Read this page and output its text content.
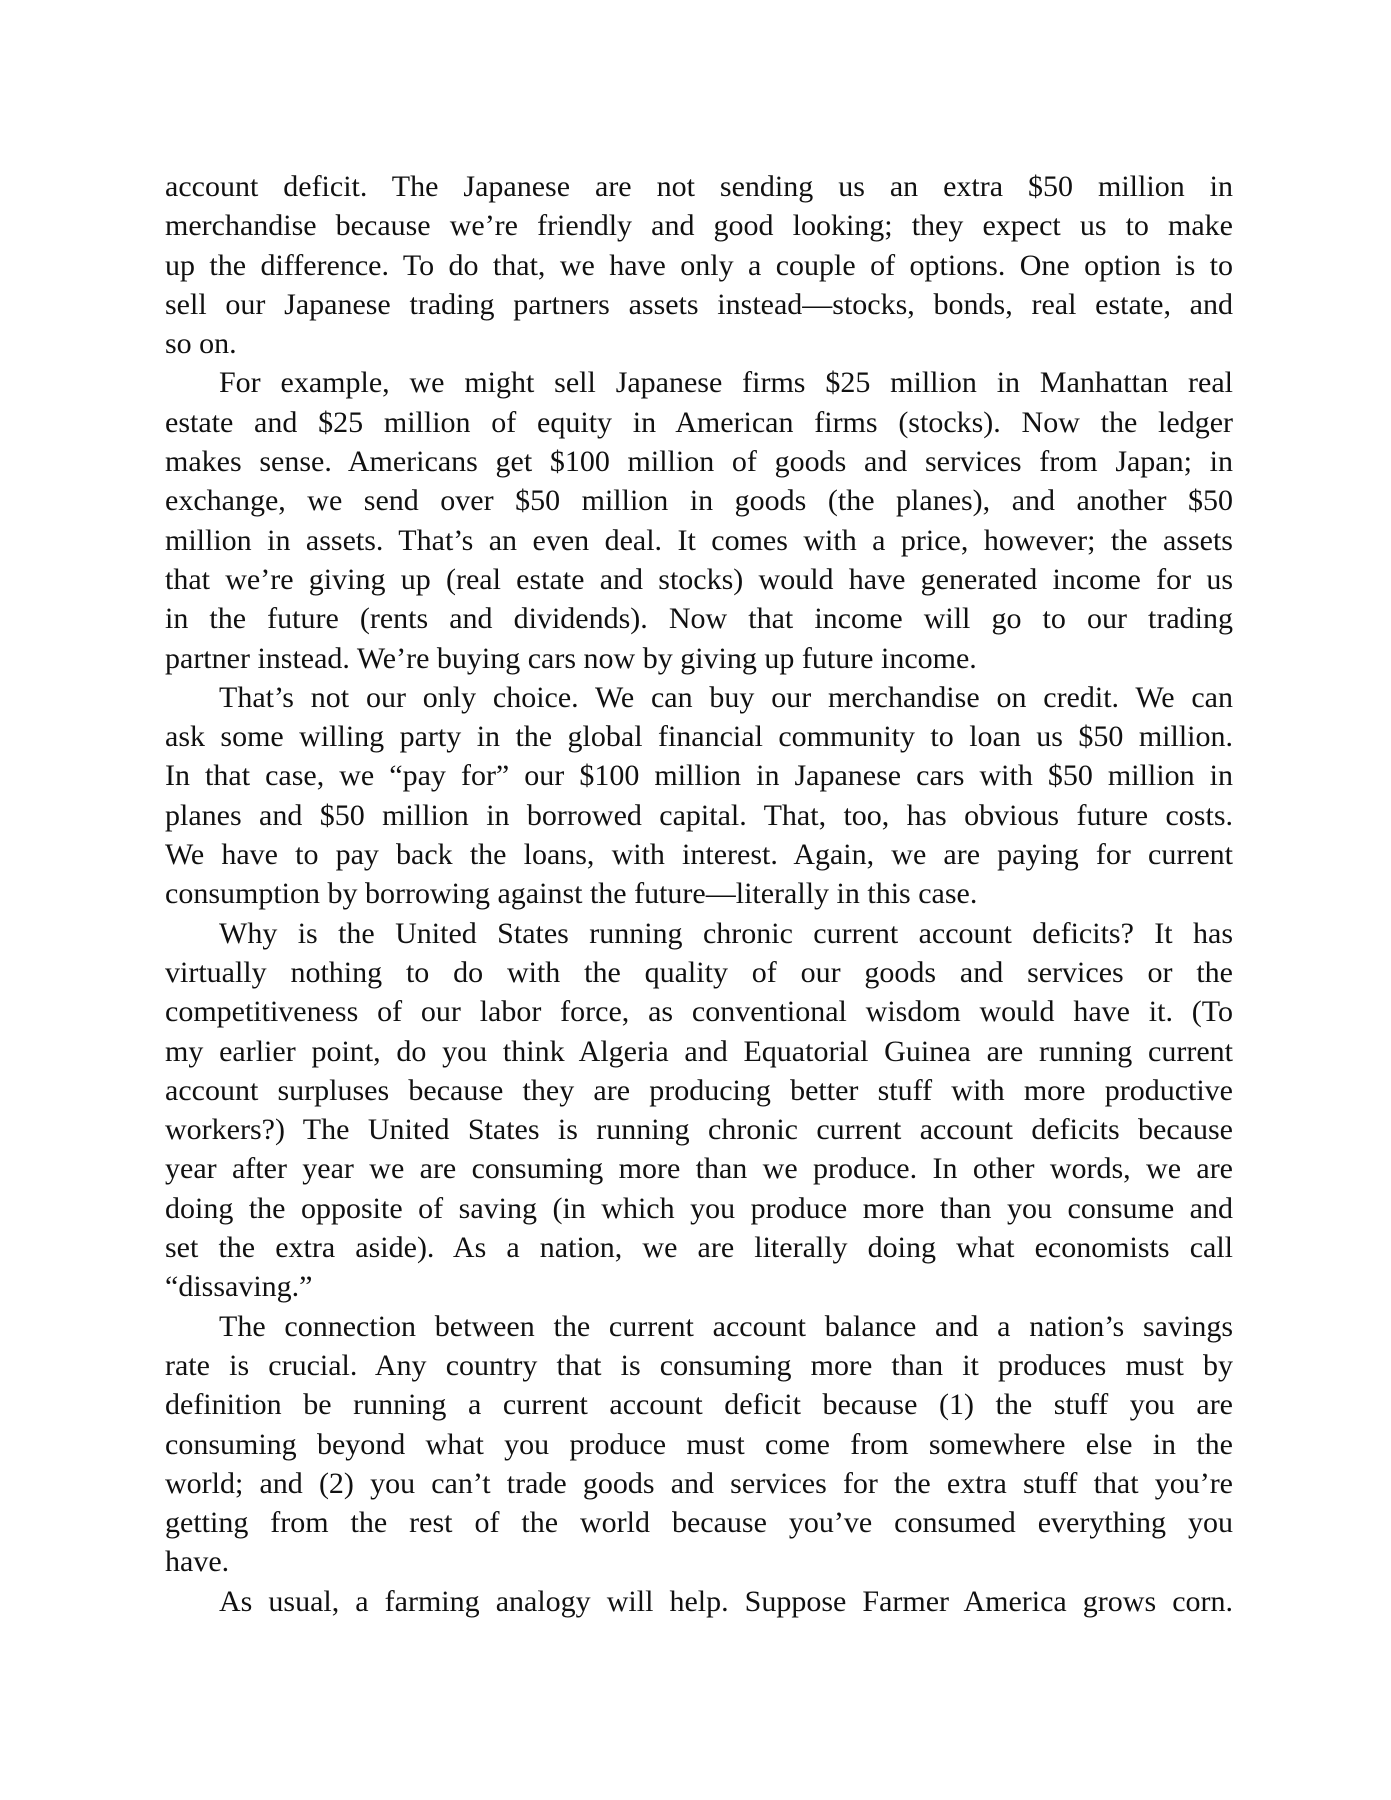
account deficit. The Japanese are not sending us an extra $50 million in
merchandise because we’re friendly and good looking; they expect us to make
up the difference. To do that, we have only a couple of options. One option is to
sell our Japanese trading partners assets instead—stocks, bonds, real estate, and
so on.
For example, we might sell Japanese firms $25 million in Manhattan real
estate and $25 million of equity in American firms (stocks). Now the ledger
makes sense. Americans get $100 million of goods and services from Japan; in
exchange, we send over $50 million in goods (the planes), and another $50
million in assets. That’s an even deal. It comes with a price, however; the assets
that we’re giving up (real estate and stocks) would have generated income for us
in the future (rents and dividends). Now that income will go to our trading
partner instead. We’re buying cars now by giving up future income.
That’s not our only choice. We can buy our merchandise on credit. We can
ask some willing party in the global financial community to loan us $50 million.
In that case, we “pay for” our $100 million in Japanese cars with $50 million in
planes and $50 million in borrowed capital. That, too, has obvious future costs.
We have to pay back the loans, with interest. Again, we are paying for current
consumption by borrowing against the future—literally in this case.
Why is the United States running chronic current account deficits? It has
virtually nothing to do with the quality of our goods and services or the
competitiveness of our labor force, as conventional wisdom would have it. (To
my earlier point, do you think Algeria and Equatorial Guinea are running current
account surpluses because they are producing better stuff with more productive
workers?) The United States is running chronic current account deficits because
year after year we are consuming more than we produce. In other words, we are
doing the opposite of saving (in which you produce more than you consume and
set the extra aside). As a nation, we are literally doing what economists call
“dissaving.”
The connection between the current account balance and a nation’s savings
rate is crucial. Any country that is consuming more than it produces must by
definition be running a current account deficit because (1) the stuff you are
consuming beyond what you produce must come from somewhere else in the
world; and (2) you can’t trade goods and services for the extra stuff that you’re
getting from the rest of the world because you’ve consumed everything you
have.
As usual, a farming analogy will help. Suppose Farmer America grows corn.
